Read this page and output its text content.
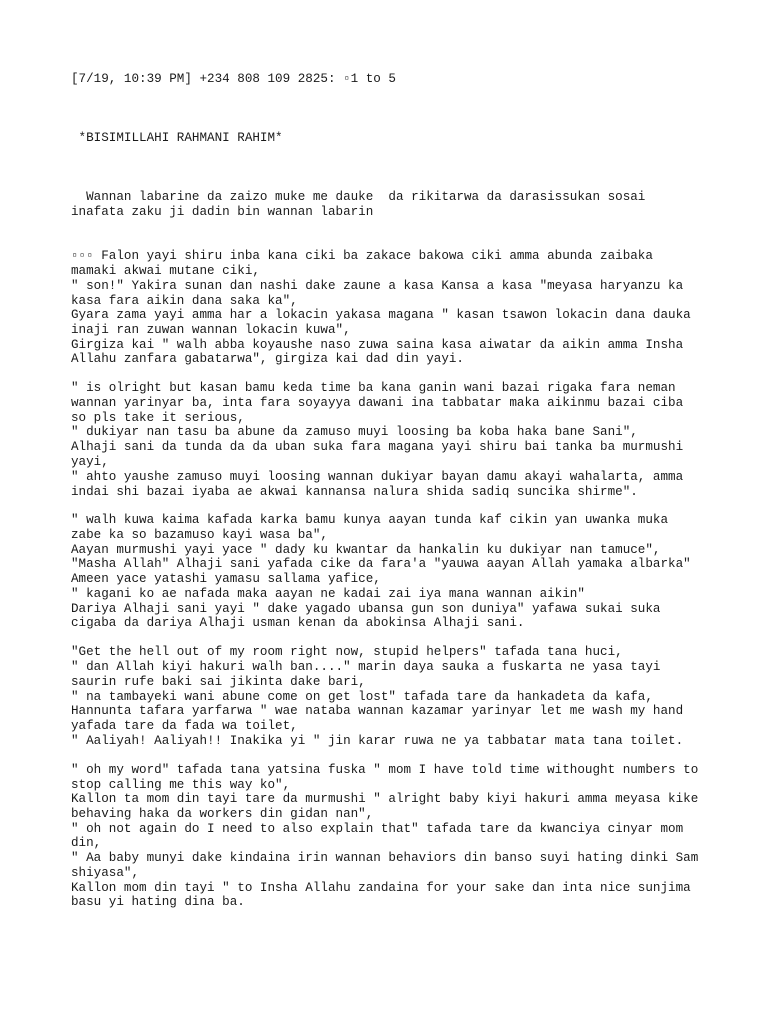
[7/19, 10:39 PM] +234 808 109 2825: ▫1 to 5
*BISIMILLAHI RAHMANI RAHIM*
Wannan labarine da zaizo muke me dauke  da rikitarwa da darasissukan sosai
inafata zaku ji dadin bin wannan labarin
▫▫▫ Falon yayi shiru inba kana ciki ba zakace bakowa ciki amma abunda zaibaka
mamaki akwai mutane ciki,
" son!" Yakira sunan dan nashi dake zaune a kasa Kansa a kasa "meyasa haryanzu ka
kasa fara aikin dana saka ka",
Gyara zama yayi amma har a lokacin yakasa magana " kasan tsawon lokacin dana dauka
inaji ran zuwan wannan lokacin kuwa",
Girgiza kai " walh abba koyaushe naso zuwa saina kasa aiwatar da aikin amma Insha
Allahu zanfara gabatarwa", girgiza kai dad din yayi.
" is olright but kasan bamu keda time ba kana ganin wani bazai rigaka fara neman
wannan yarinyar ba, inta fara soyayya dawani ina tabbatar maka aikinmu bazai ciba
so pls take it serious,
" dukiyar nan tasu ba abune da zamuso muyi loosing ba koba haka bane Sani",
Alhaji sani da tunda da da uban suka fara magana yayi shiru bai tanka ba murmushi
yayi,
" ahto yaushe zamuso muyi loosing wannan dukiyar bayan damu akayi wahalarta, amma
indai shi bazai iyaba ae akwai kannansa nalura shida sadiq suncika shirme".
" walh kuwa kaima kafada karka bamu kunya aayan tunda kaf cikin yan uwanka muka
zabe ka so bazamuso kayi wasa ba",
Aayan murmushi yayi yace " dady ku kwantar da hankalin ku dukiyar nan tamuce",
"Masha Allah" Alhaji sani yafada cike da fara'a "yauwa aayan Allah yamaka albarka"
Ameen yace yatashi yamasu sallama yafice,
" kagani ko ae nafada maka aayan ne kadai zai iya mana wannan aikin"
Dariya Alhaji sani yayi " dake yagado ubansa gun son duniya" yafawa sukai suka
cigaba da dariya Alhaji usman kenan da abokinsa Alhaji sani.
"Get the hell out of my room right now, stupid helpers" tafada tana huci,
" dan Allah kiyi hakuri walh ban...." marin daya sauka a fuskarta ne yasa tayi
saurin rufe baki sai jikinta dake bari,
" na tambayeki wani abune come on get lost" tafada tare da hankadeta da kafa,
Hannunta tafara yarfarwa " wae nataba wannan kazamar yarinyar let me wash my hand
yafada tare da fada wa toilet,
" Aaliyah! Aaliyah!! Inakika yi " jin karar ruwa ne ya tabbatar mata tana toilet.
" oh my word" tafada tana yatsina fuska " mom I have told time withought numbers to
stop calling me this way ko",
Kallon ta mom din tayi tare da murmushi " alright baby kiyi hakuri amma meyasa kike
behaving haka da workers din gidan nan",
" oh not again do I need to also explain that" tafada tare da kwanciya cinyar mom
din,
" Aa baby munyi dake kindaina irin wannan behaviors din banso suyi hating dinki Sam
shiyasa",
Kallon mom din tayi " to Insha Allahu zandaina for your sake dan inta nice sunjima
basu yi hating dina ba.
